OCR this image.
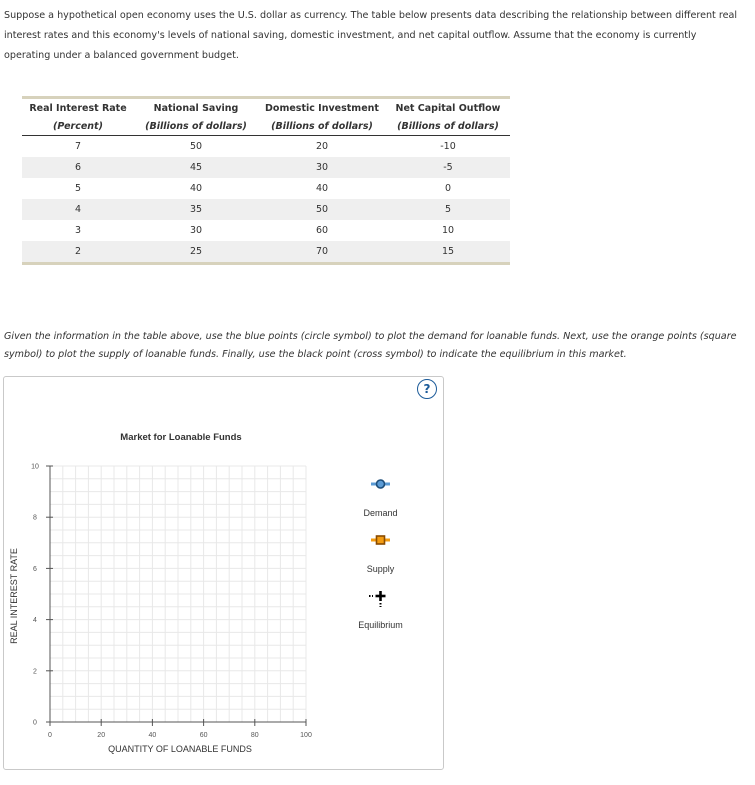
Suppose a hypothetical open economy uses the U.S. dollar as currency. The table below presents data describing the relationship between different real interest rates and this economy's levels of national saving, domestic investment, and net capital outflow. Assume that the economy is currently operating under a balanced government budget.
Real Interest Rate	National Saving	Domestic Investment	Net Capital Outflow
(Percent)	(Billions of dollars)	(Billions of dollars)	(Billions of dollars)
7	50	20	-10
6	45	30	-5
5	40	40	0
4	35	50	5
3	30	60	10
2	25	70	15
Given the information in the table above, use the blue points (circle symbol) to plot the demand for loanable funds. Next, use the orange points (square symbol) to plot the supply of loanable funds. Finally, use the black point (cross symbol) to indicate the equilibrium in this market.
?
Market for Loanable Funds
0	20	40	60	80	100
0
2
4
6
8
10
QUANTITY OF LOANABLE FUNDS
REAL INTEREST RATE
Demand
Supply
Equilibrium
